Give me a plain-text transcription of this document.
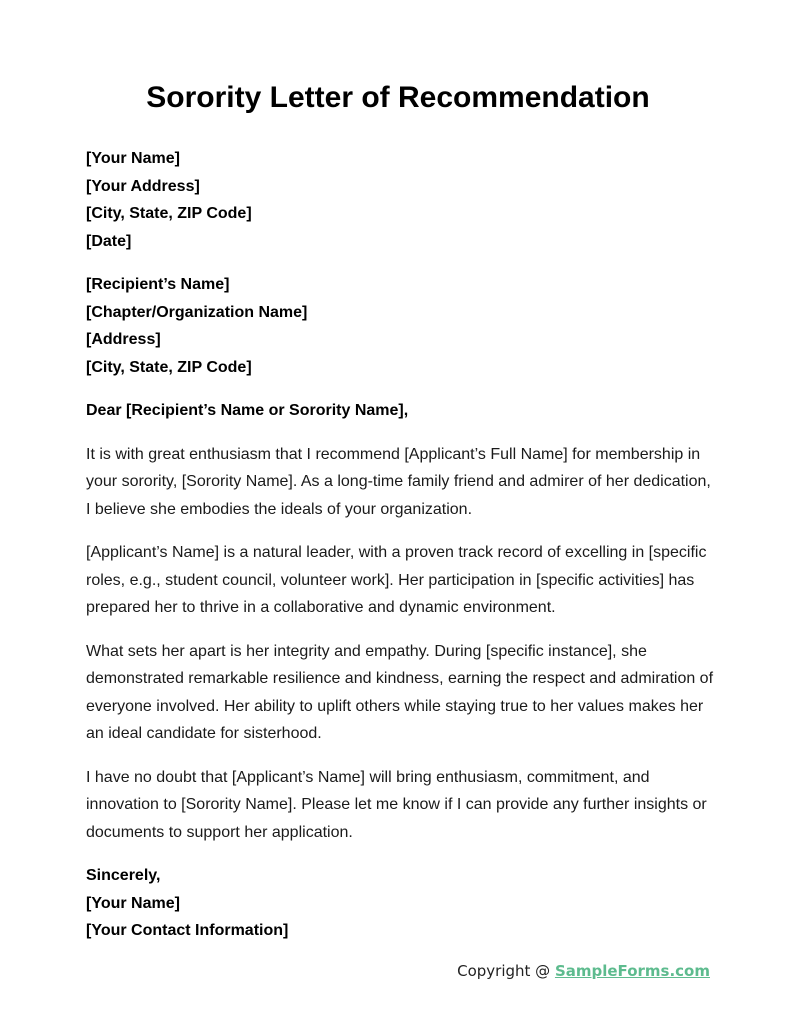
Sorority Letter of Recommendation
[Your Name]
[Your Address]
[City, State, ZIP Code]
[Date]
[Recipient’s Name]
[Chapter/Organization Name]
[Address]
[City, State, ZIP Code]

Dear [Recipient’s Name or Sorority Name],

It is with great enthusiasm that I recommend [Applicant’s Full Name] for membership in your sorority, [Sorority Name]. As a long-time family friend and admirer of her dedication, I believe she embodies the ideals of your organization.

[Applicant’s Name] is a natural leader, with a proven track record of excelling in [specific roles, e.g., student council, volunteer work]. Her participation in [specific activities] has prepared her to thrive in a collaborative and dynamic environment.

What sets her apart is her integrity and empathy. During [specific instance], she demonstrated remarkable resilience and kindness, earning the respect and admiration of everyone involved. Her ability to uplift others while staying true to her values makes her an ideal candidate for sisterhood.

I have no doubt that [Applicant’s Name] will bring enthusiasm, commitment, and innovation to [Sorority Name]. Please let me know if I can provide any further insights or documents to support her application.

Sincerely,
[Your Name]
[Your Contact Information]
Copyright @ SampleForms.com
